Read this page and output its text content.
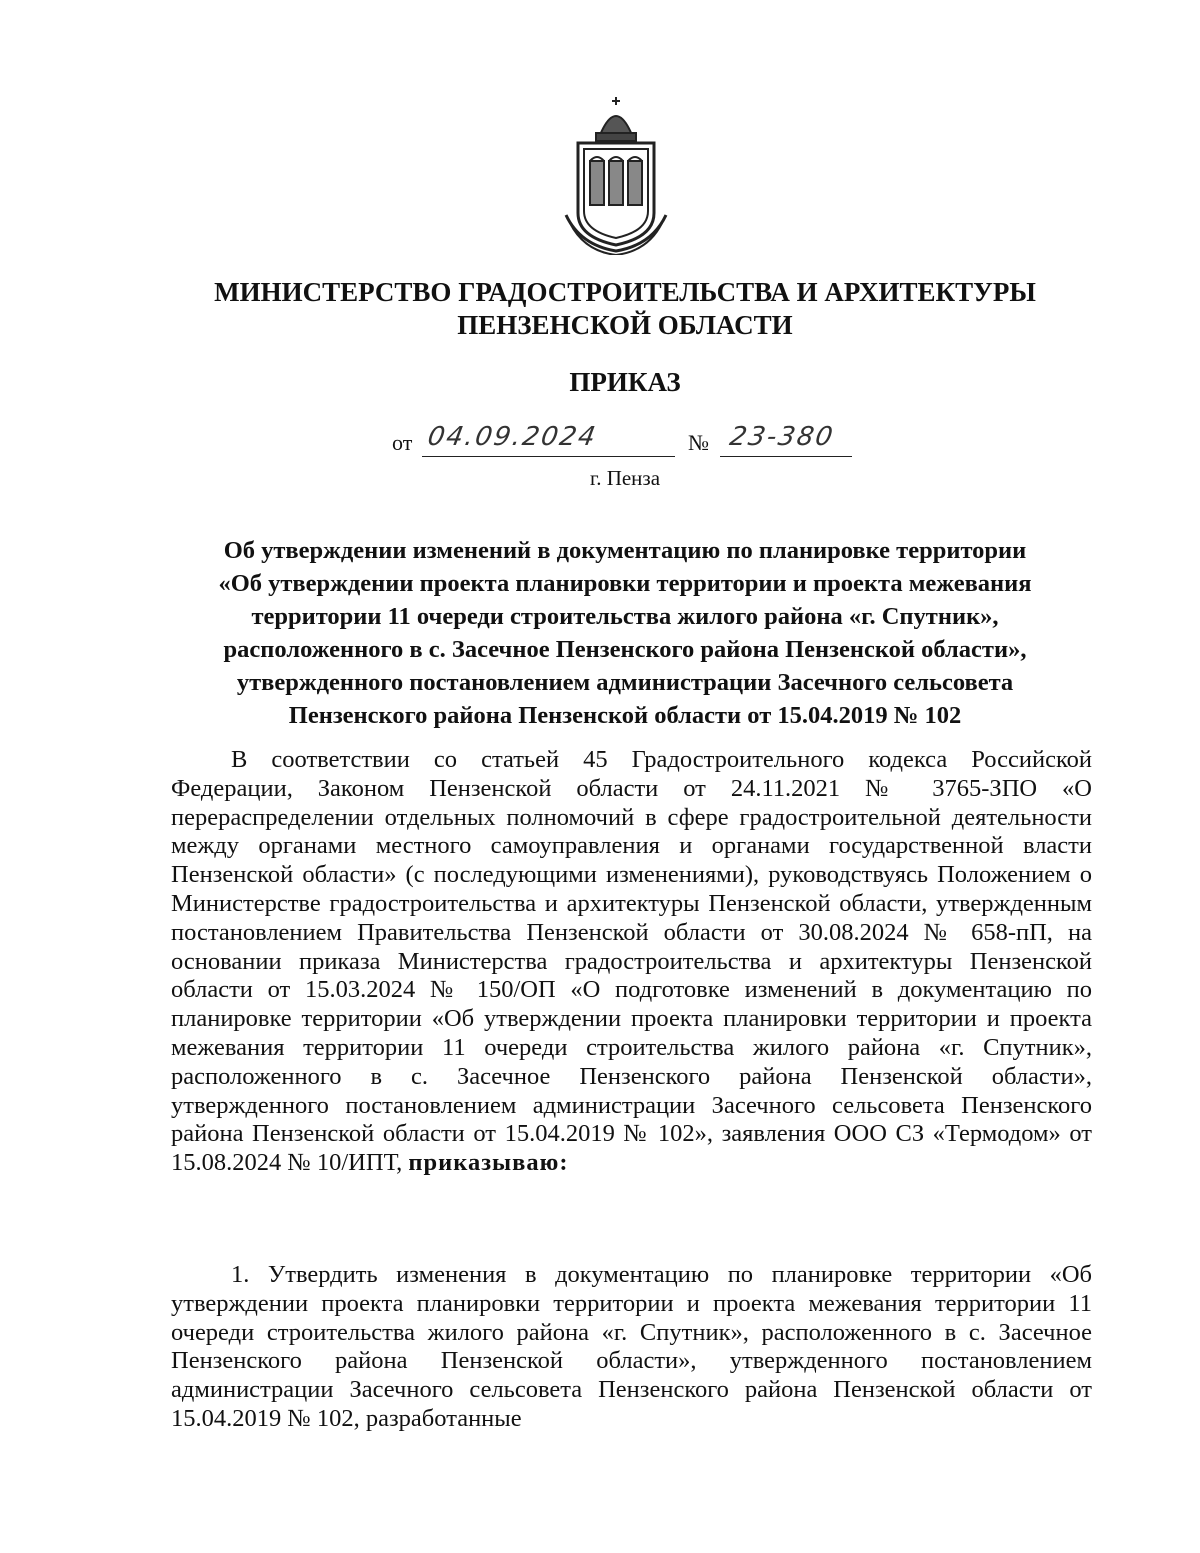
МИНИСТЕРСТВО ГРАДОСТРОИТЕЛЬСТВА И АРХИТЕКТУРЫ
ПЕНЗЕНСКОЙ ОБЛАСТИ
ПРИКАЗ
от 04.09.2024	№ 23-380
г. Пенза
Об утверждении изменений в документацию по планировке территории
«Об утверждении проекта планировки территории и проекта межевания
территории 11 очереди строительства жилого района «г. Спутник»,
расположенного в с. Засечное Пензенского района Пензенской области»,
утвержденного постановлением администрации Засечного сельсовета
Пензенского района Пензенской области от 15.04.2019 № 102
В соответствии со статьей 45 Градостроительного кодекса Российской Федерации, Законом Пензенской области от 24.11.2021 № 3765-ЗПО «О перераспределении отдельных полномочий в сфере градостроительной деятельности между органами местного самоуправления и органами государственной власти Пензенской области» (с последующими изменениями), руководствуясь Положением о Министерстве градостроительства и архитектуры Пензенской области, утвержденным постановлением Правительства Пензенской области от 30.08.2024 № 658-пП, на основании приказа Министерства градостроительства и архитектуры Пензенской области от 15.03.2024 № 150/ОП «О подготовке изменений в документацию по планировке территории «Об утверждении проекта планировки территории и проекта межевания территории 11 очереди строительства жилого района «г. Спутник», расположенного в с. Засечное Пензенского района Пензенской области», утвержденного постановлением администрации Засечного сельсовета Пензенского района Пензенской области от 15.04.2019 № 102», заявления ООО СЗ «Термодом» от 15.08.2024 № 10/ИПТ, приказываю:
1. Утвердить изменения в документацию по планировке территории «Об утверждении проекта планировки территории и проекта межевания территории 11 очереди строительства жилого района «г. Спутник», расположенного в с. Засечное Пензенского района Пензенской области», утвержденного постановлением администрации Засечного сельсовета Пензенского района Пензенской области от 15.04.2019 № 102, разработанные
